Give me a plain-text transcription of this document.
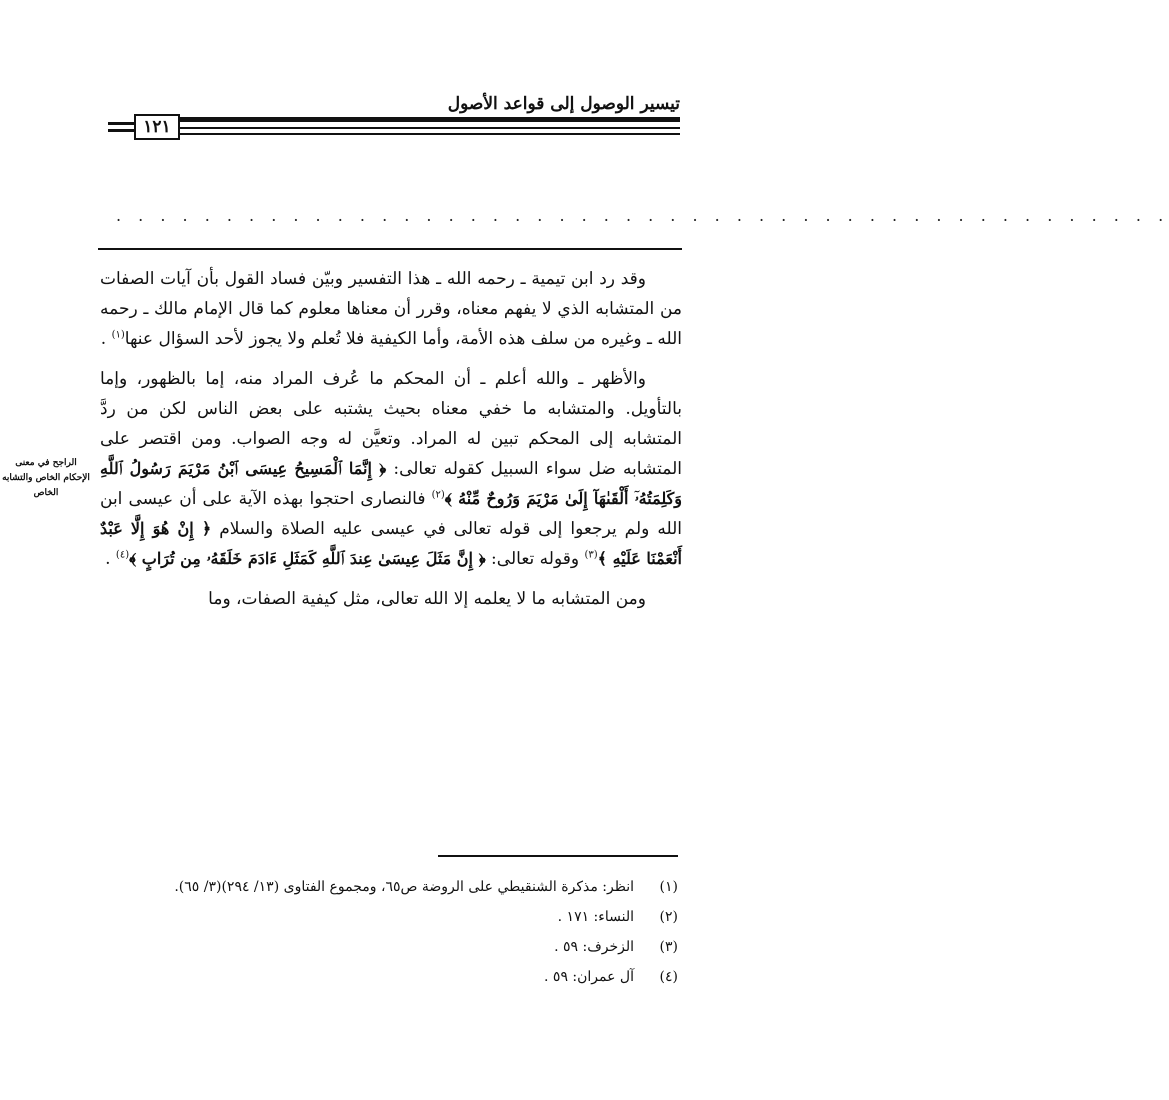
تيسير الوصول إلى قواعد الأصول
١٢١
. . . . . . . . . . . . . . . . . . . . . . . . . . . . . . . . . . . . . . . . . . . . . . . .
الراجح في معنى الإحكام الخاص والتشابه الخاص

وقد رد ابن تيمية ـ رحمه الله ـ هذا التفسير وبيّن فساد القول بأن آيات الصفات من المتشابه الذي لا يفهم معناه، وقرر أن معناها معلوم كما قال الإمام مالك ـ رحمه الله ـ وغيره من سلف هذه الأمة، وأما الكيفية فلا تُعلم ولا يجوز لأحد السؤال عنها$^{(١)}$ .

والأظهر ـ والله أعلم ـ أن المحكم ما عُرف المراد منه، إما بالظهور، وإما بالتأويل. والمتشابه ما خفي معناه بحيث يشتبه على بعض الناس لكن من ردَّ المتشابه إلى المحكم تبين له المراد. وتعيَّن له وجه الصواب. ومن اقتصر على المتشابه ضل سواء السبيل كقوله تعالى: ﴿ إِنَّمَا ٱلْمَسِيحُ عِيسَى ٱبْنُ مَرْيَمَ رَسُولُ ٱللَّهِ وَكَلِمَتُهُۥٓ أَلْقَىٰهَآ إِلَىٰ مَرْيَمَ وَرُوحٌ مِّنْهُ ﴾$^{(٢)}$ فالنصارى احتجوا بهذه الآية على أن عيسى ابن الله ولم يرجعوا إلى قوله تعالى في عيسى عليه الصلاة والسلام ﴿ إِنْ هُوَ إِلَّا عَبْدٌ أَنْعَمْنَا عَلَيْهِ ﴾$^{(٣)}$ وقوله تعالى: ﴿ إِنَّ مَثَلَ عِيسَىٰ عِندَ ٱللَّهِ كَمَثَلِ ءَادَمَ خَلَقَهُۥ مِن تُرَابٍ ﴾$^{(٤)}$ .

ومن المتشابه ما لا يعلمه إلا الله تعالى، مثل كيفية الصفات، وما

(١)
انظر: مذكرة الشنقيطي على الروضة ص٦٥، ومجموع الفتاوى (١٣/ ٢٩٤)(٣/ ٦٥).
(٢)
النساء: ١٧١ .
(٣)
الزخرف: ٥٩ .
(٤)
آل عمران: ٥٩ .
